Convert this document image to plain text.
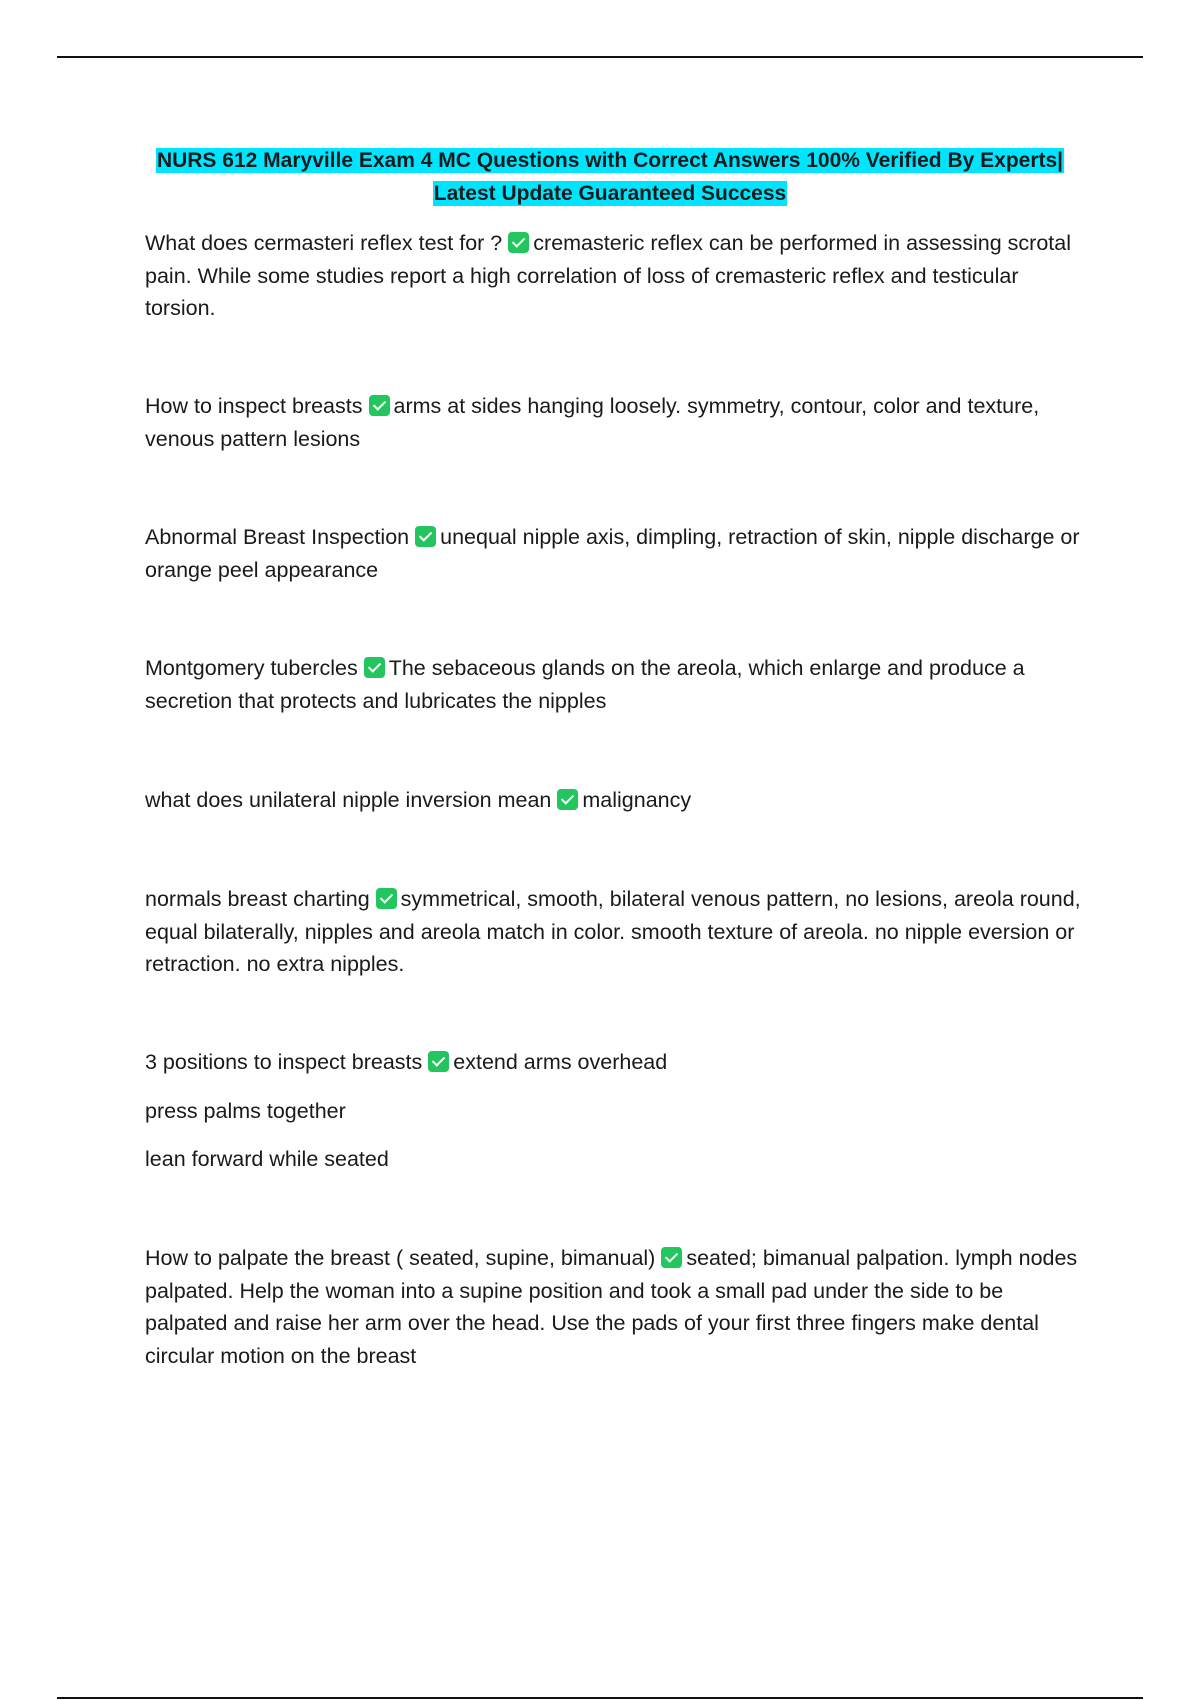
NURS 612 Maryville Exam 4 MC Questions with Correct Answers 100% Verified By Experts|
Latest Update Guaranteed Success

What does cermasteri reflex test for ? cremasteric reflex can be performed in assessing scrotal pain. While some studies report a high correlation of loss of cremasteric reflex and testicular torsion.

How to inspect breasts arms at sides hanging loosely. symmetry, contour, color and texture, venous pattern lesions

Abnormal Breast Inspection unequal nipple axis, dimpling, retraction of skin, nipple discharge or orange peel appearance

Montgomery tubercles The sebaceous glands on the areola, which enlarge and produce a secretion that protects and lubricates the nipples

what does unilateral nipple inversion mean malignancy

normals breast charting symmetrical, smooth, bilateral venous pattern, no lesions, areola round, equal bilaterally, nipples and areola match in color. smooth texture of areola. no nipple eversion or retraction. no extra nipples.

3 positions to inspect breasts extend arms overhead

press palms together
lean forward while seated

How to palpate the breast ( seated, supine, bimanual) seated; bimanual palpation. lymph nodes palpated. Help the woman into a supine position and took a small pad under the side to be palpated and raise her arm over the head. Use the pads of your first three fingers make dental circular motion on the breast
